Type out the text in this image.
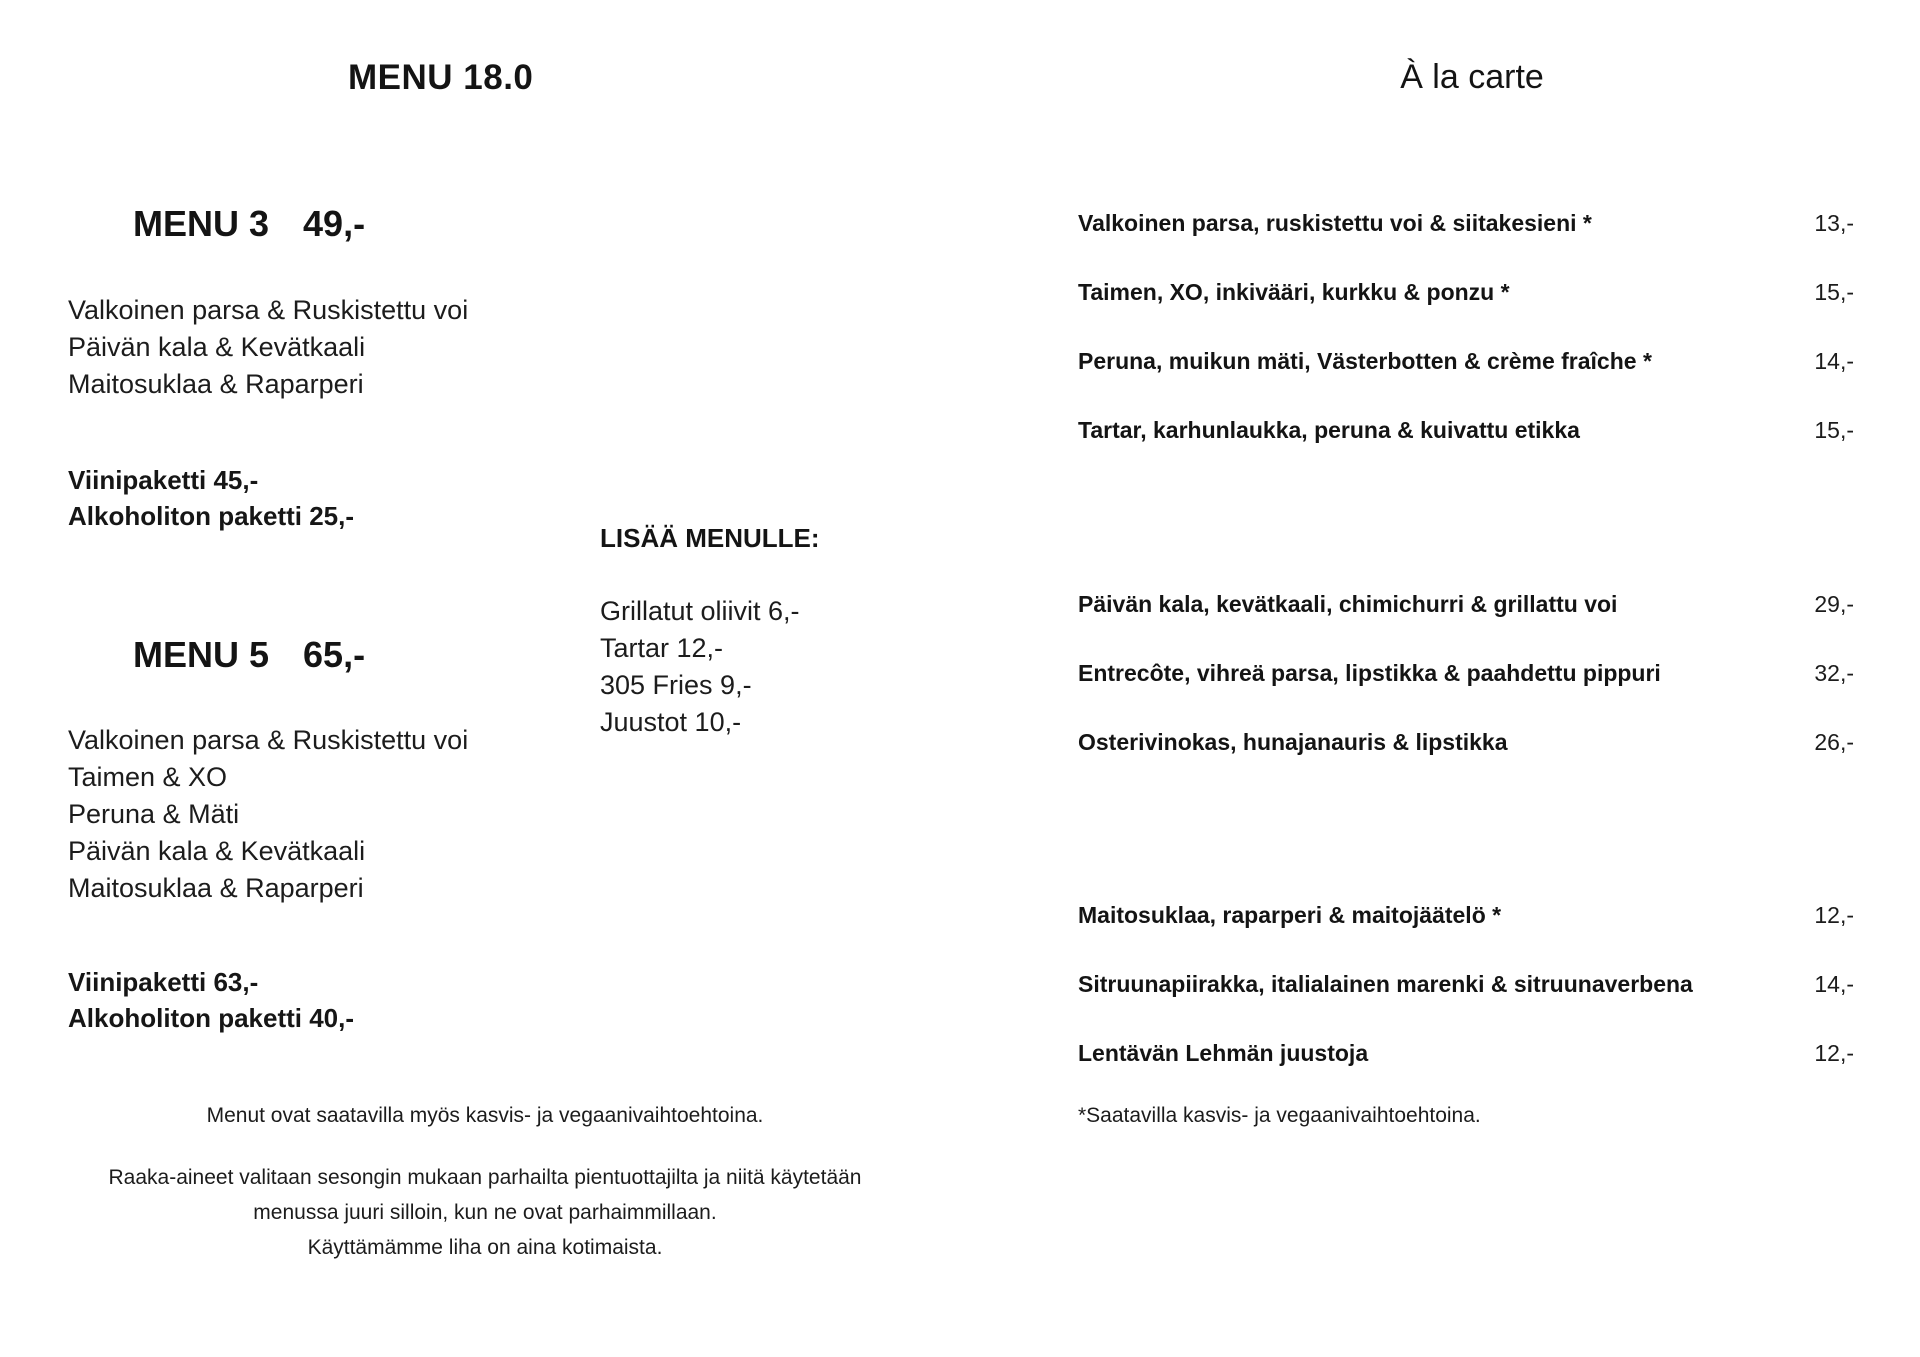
MENU 18.0	À la carte
MENU 3 49,-
Valkoinen parsa & Ruskistettu voi
Päivän kala & Kevätkaali
Maitosuklaa & Raparperi
Viinipaketti 45,-
Alkoholiton paketti 25,-
MENU 5 65,-
Valkoinen parsa & Ruskistettu voi
Taimen & XO
Peruna & Mäti
Päivän kala & Kevätkaali
Maitosuklaa & Raparperi
Viinipaketti 63,-
Alkoholiton paketti 40,-
LISÄÄ MENULLE:
Grillatut oliivit 6,-
Tartar 12,-
305 Fries 9,-
Juustot 10,-
Menut ovat saatavilla myös kasvis- ja vegaanivaihtoehtoina.
Raaka-aineet valitaan sesongin mukaan parhailta pientuottajilta ja niitä käytetään
menussa juuri silloin, kun ne ovat parhaimmillaan.
Käyttämämme liha on aina kotimaista.
Valkoinen parsa, ruskistettu voi & siitakesieni *	13,-
Taimen, XO, inkivääri, kurkku & ponzu *	15,-
Peruna, muikun mäti, Västerbotten & crème fraîche *	14,-
Tartar, karhunlaukka, peruna & kuivattu etikka	15,-
Päivän kala, kevätkaali, chimichurri & grillattu voi	29,-
Entrecôte, vihreä parsa, lipstikka & paahdettu pippuri	32,-
Osterivinokas, hunajanauris & lipstikka	26,-
Maitosuklaa, raparperi & maitojäätelö *	12,-
Sitruunapiirakka, italialainen marenki & sitruunaverbena	14,-
Lentävän Lehmän juustoja	12,-
*Saatavilla kasvis- ja vegaanivaihtoehtoina.
